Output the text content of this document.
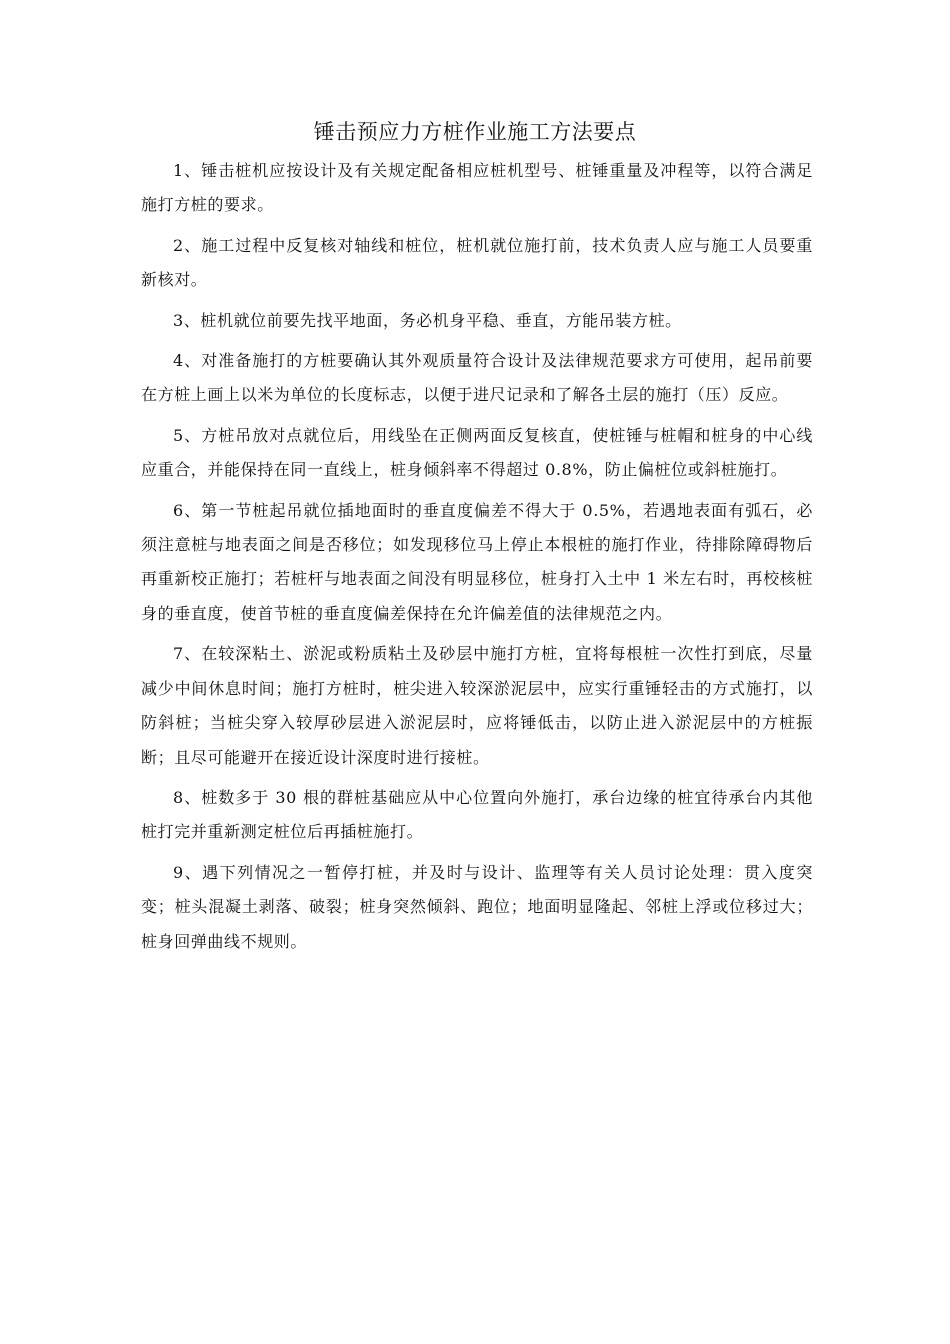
锤击预应力方桩作业施工方法要点

1、锤击桩机应按设计及有关规定配备相应桩机型号、桩锤重量及冲程等，以符合满足施打方桩的要求。

2、施工过程中反复核对轴线和桩位，桩机就位施打前，技术负责人应与施工人员要重新核对。

3、桩机就位前要先找平地面，务必机身平稳、垂直，方能吊装方桩。

4、对准备施打的方桩要确认其外观质量符合设计及法律规范要求方可使用，起吊前要在方桩上画上以米为单位的长度标志，以便于进尺记录和了解各土层的施打（压）反应。

5、方桩吊放对点就位后，用线坠在正侧两面反复核直，使桩锤与桩帽和桩身的中心线应重合，并能保持在同一直线上，桩身倾斜率不得超过 0.8%，防止偏桩位或斜桩施打。

6、第一节桩起吊就位插地面时的垂直度偏差不得大于 0.5%，若遇地表面有弧石，必须注意桩与地表面之间是否移位；如发现移位马上停止本根桩的施打作业，待排除障碍物后再重新校正施打；若桩杆与地表面之间没有明显移位，桩身打入土中 1 米左右时，再校核桩身的垂直度，使首节桩的垂直度偏差保持在允许偏差值的法律规范之内。

7、在较深粘土、淤泥或粉质粘土及砂层中施打方桩，宜将每根桩一次性打到底，尽量减少中间休息时间；施打方桩时，桩尖进入较深淤泥层中，应实行重锤轻击的方式施打，以防斜桩；当桩尖穿入较厚砂层进入淤泥层时，应将锤低击，以防止进入淤泥层中的方桩振断；且尽可能避开在接近设计深度时进行接桩。

8、桩数多于 30 根的群桩基础应从中心位置向外施打，承台边缘的桩宜待承台内其他桩打完并重新测定桩位后再插桩施打。

9、遇下列情况之一暂停打桩，并及时与设计、监理等有关人员讨论处理：贯入度突变；桩头混凝土剥落、破裂；桩身突然倾斜、跑位；地面明显隆起、邻桩上浮或位移过大；桩身回弹曲线不规则。
